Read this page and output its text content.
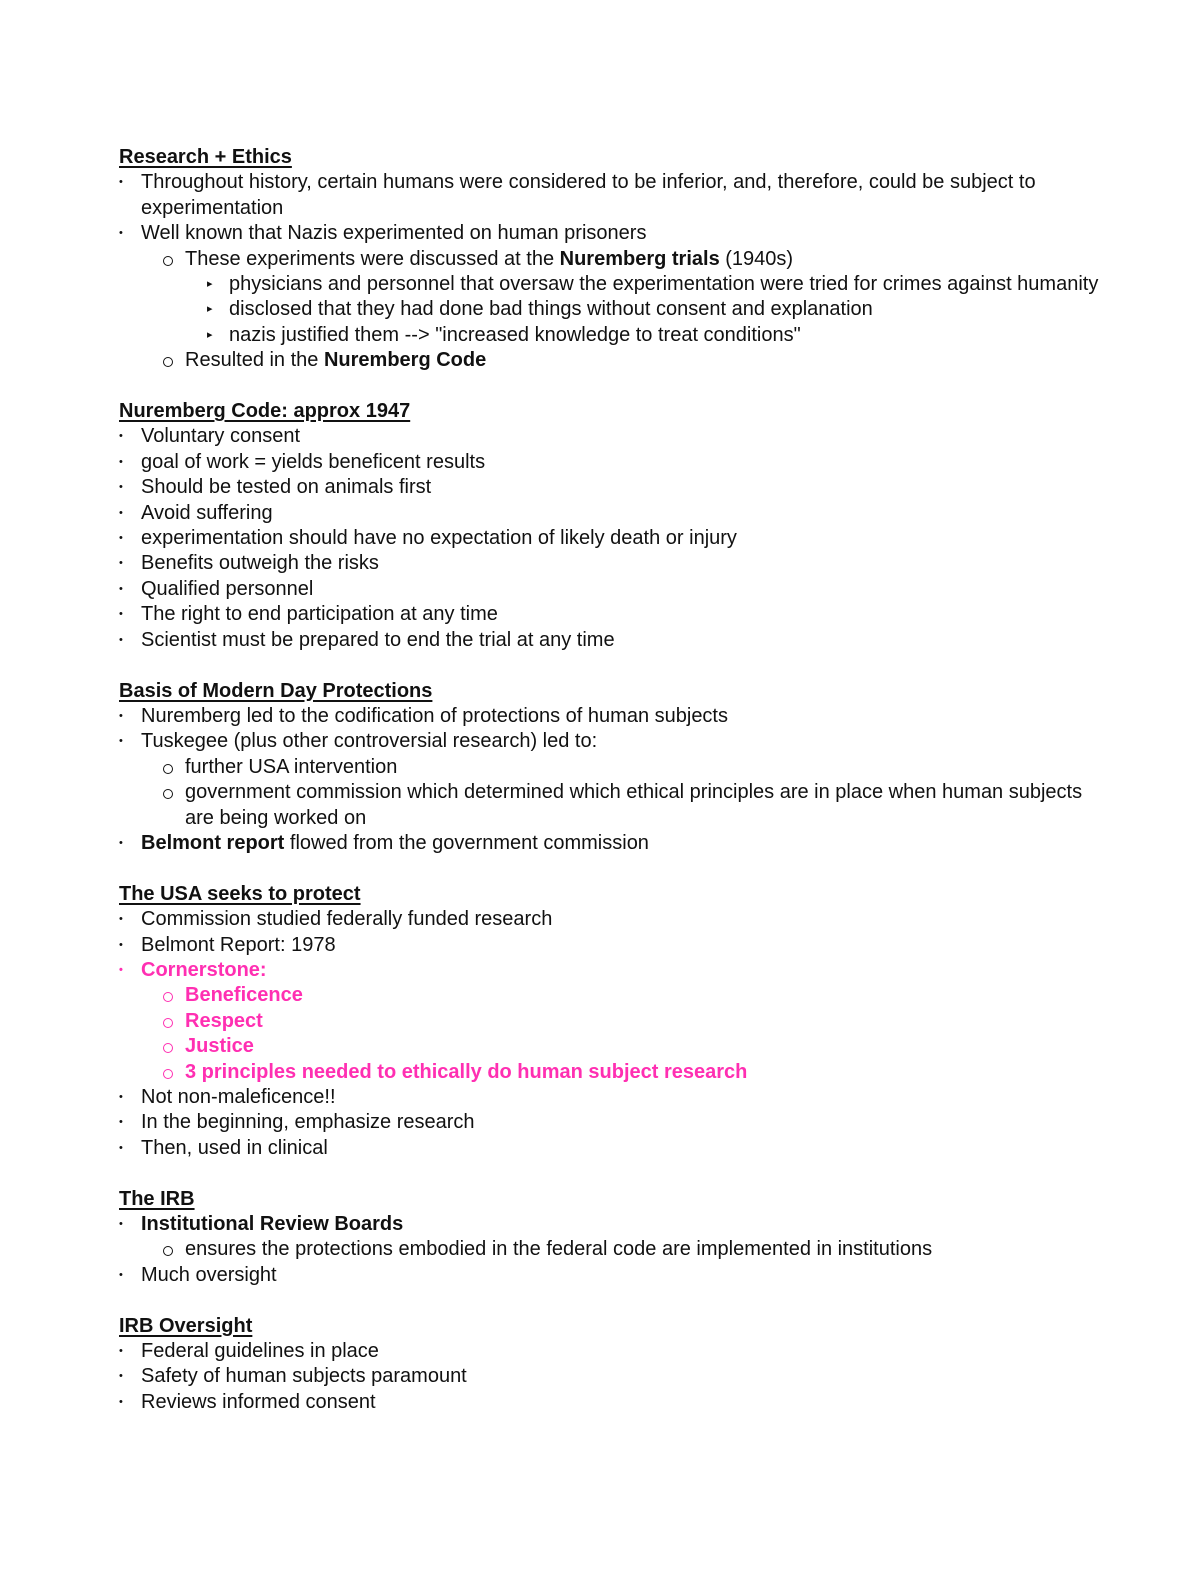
Research + Ethics

• Throughout history, certain humans were considered to be inferior, and, therefore, could be subject to experimentation
• Well known that Nazis experimented on human prisoners
These experiments were discussed at the Nuremberg trials (1940s)
▸ physicians and personnel that oversaw the experimentation were tried for crimes against humanity
▸ disclosed that they had done bad things without consent and explanation
▸ nazis justified them --> "increased knowledge to treat conditions"
Resulted in the Nuremberg Code

Nuremberg Code: approx 1947

• Voluntary consent
• goal of work = yields beneficent results
• Should be tested on animals first
• Avoid suffering
• experimentation should have no expectation of likely death or injury
• Benefits outweigh the risks
• Qualified personnel
• The right to end participation at any time
• Scientist must be prepared to end the trial at any time

Basis of Modern Day Protections

• Nuremberg led to the codification of protections of human subjects
• Tuskegee (plus other controversial research) led to:
further USA intervention
government commission which determined which ethical principles are in place when human subjects are being worked on
• Belmont report flowed from the government commission

The USA seeks to protect

• Commission studied federally funded research
• Belmont Report: 1978
• Cornerstone:
Beneficence
Respect
Justice
3 principles needed to ethically do human subject research
• Not non-maleficence!!
• In the beginning, emphasize research
• Then, used in clinical

The IRB

• Institutional Review Boards
ensures the protections embodied in the federal code are implemented in institutions
• Much oversight

IRB Oversight

• Federal guidelines in place
• Safety of human subjects paramount
• Reviews informed consent
